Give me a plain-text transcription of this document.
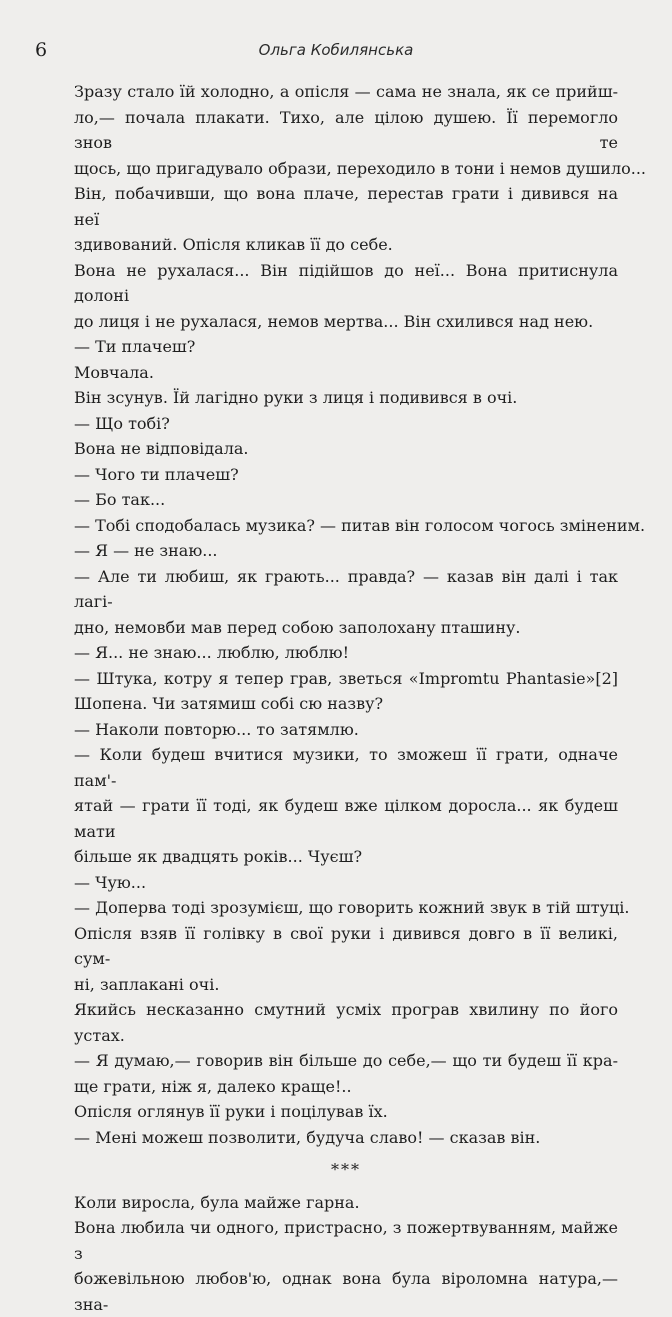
6	Ольга Кобилянська
Зразу стало їй холодно, а опісля — сама не знала, як се прийш-
ло,— почала плакати. Тихо, але цілою душею. Її перемогло знов те
щось, що пригадувало образи, переходило в тони і немов душило...
Він, побачивши, що вона плаче, перестав грати і дивився на неї
здивований. Опісля кликав її до себе.
Вона не рухалася... Він підійшов до неї... Вона притиснула долоні
до лиця і не рухалася, немов мертва... Він схилився над нею.
— Ти плачеш?
Мовчала.
Він зсунув. Їй лагідно руки з лиця і подивився в очі.
— Що тобі?
Вона не відповідала.
— Чого ти плачеш?
— Бо так...
— Тобі сподобалась музика? — питав він голосом чогось зміненим.
— Я — не знаю...
— Але ти любиш, як грають... правда? — казав він далі і так лагі-
дно, немовби мав перед собою заполохану пташину.
— Я... не знаю... люблю, люблю!
— Штука, котру я тепер грав, зветься «Impromtu Phantasie»[2]
Шопена. Чи затямиш собі сю назву?
— Наколи повторю... то затямлю.
— Коли будеш вчитися музики, то зможеш її грати, одначе пам'-
ятай — грати її тоді, як будеш вже цілком доросла... як будеш мати
більше як двадцять років... Чуєш?
— Чую...
— Доперва тоді зрозумієш, що говорить кожний звук в тій штуці.
Опісля взяв її голівку в свої руки і дивився довго в її великі, сум-
ні, заплакані очі.
Якийсь несказанно смутний усміх програв хвилину по його
устах.
— Я думаю,— говорив він більше до себе,— що ти будеш її кра-
ще грати, ніж я, далеко краще!..
Опісля оглянув її руки і поцілував їх.
— Мені можеш позволити, будуча славо! — сказав він.
***
Коли виросла, була майже гарна.
Вона любила чи одного, пристрасно, з пожертвуванням, майже з
божевільною любов'ю, однак вона була віроломна натура,— зна-
